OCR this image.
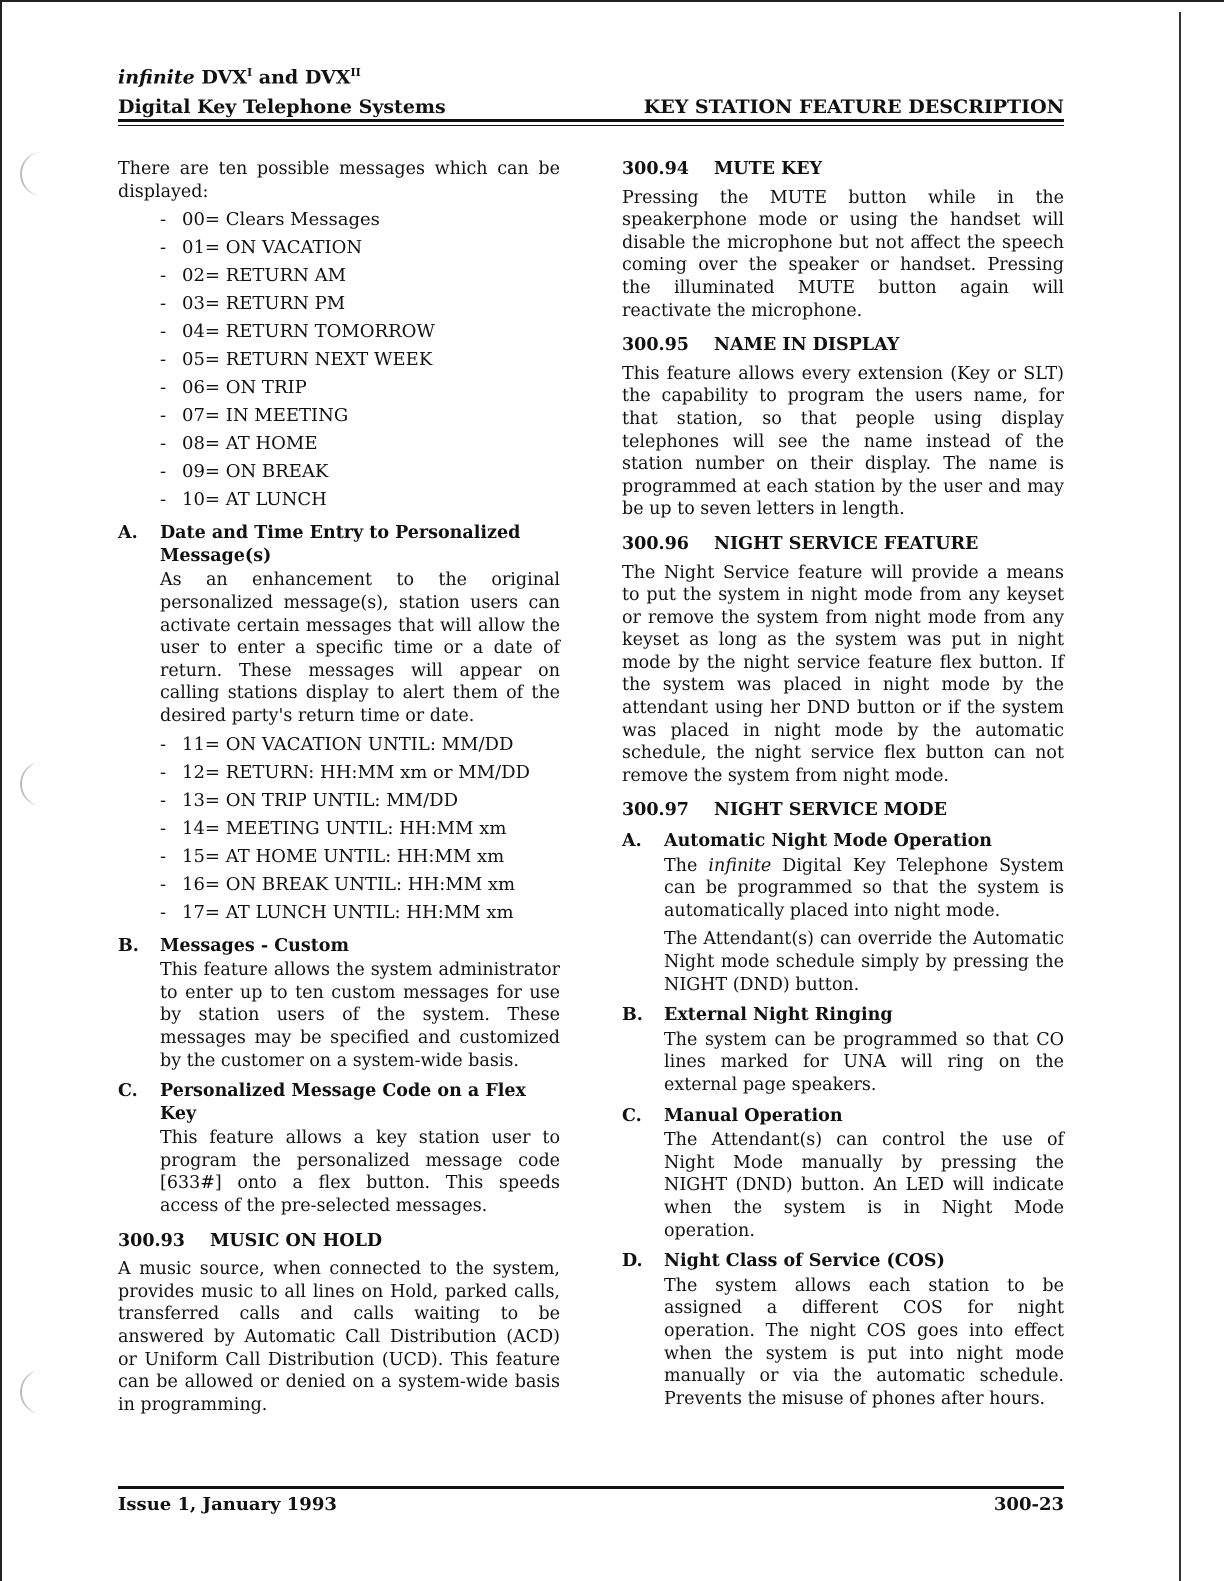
infinite $DVX^I$ and $DVX^{II}$
Digital Key Telephone Systems	KEY STATION FEATURE DESCRIPTION

There are ten possible messages which can be displayed:

- 00= Clears Messages
- 01= ON VACATION
- 02= RETURN AM
- 03= RETURN PM
- 04= RETURN TOMORROW
- 05= RETURN NEXT WEEK
- 06= ON TRIP
- 07= IN MEETING
- 08= AT HOME
- 09= ON BREAK
- 10= AT LUNCH
A. Date and Time Entry to Personalized Message(s)

As an enhancement to the original personalized message(s), station users can activate certain messages that will allow the user to enter a specific time or a date of return. These messages will appear on calling stations display to alert them of the desired party's return time or date.

- 11= ON VACATION UNTIL: MM/DD
- 12= RETURN: HH:MM xm or MM/DD
- 13= ON TRIP UNTIL: MM/DD
- 14= MEETING UNTIL: HH:MM xm
- 15= AT HOME UNTIL: HH:MM xm
- 16= ON BREAK UNTIL: HH:MM xm
- 17= AT LUNCH UNTIL: HH:MM xm
B. Messages - Custom

This feature allows the system administrator to enter up to ten custom messages for use by station users of the system. These messages may be specified and customized by the customer on a system-wide basis.

C. Personalized Message Code on a Flex Key

This feature allows a key station user to program the personalized message code [633#] onto a flex button. This speeds access of the pre-selected messages.

300.93 MUSIC ON HOLD

A music source, when connected to the system, provides music to all lines on Hold, parked calls, transferred calls and calls waiting to be answered by Automatic Call Distribution (ACD) or Uniform Call Distribution (UCD). This feature can be allowed or denied on a system-wide basis in programming.

300.94 MUTE KEY

Pressing the MUTE button while in the speakerphone mode or using the handset will disable the microphone but not affect the speech coming over the speaker or handset. Pressing the illuminated MUTE button again will reactivate the microphone.

300.95 NAME IN DISPLAY

This feature allows every extension (Key or SLT) the capability to program the users name, for that station, so that people using display telephones will see the name instead of the station number on their display. The name is programmed at each station by the user and may be up to seven letters in length.

300.96 NIGHT SERVICE FEATURE

The Night Service feature will provide a means to put the system in night mode from any keyset or remove the system from night mode from any keyset as long as the system was put in night mode by the night service feature flex button. If the system was placed in night mode by the attendant using her DND button or if the system was placed in night mode by the automatic schedule, the night service flex button can not remove the system from night mode.

300.97 NIGHT SERVICE MODE
A. Automatic Night Mode Operation

The infinite Digital Key Telephone System can be programmed so that the system is automatically placed into night mode.

The Attendant(s) can override the Automatic Night mode schedule simply by pressing the NIGHT (DND) button.

B. External Night Ringing

The system can be programmed so that CO lines marked for UNA will ring on the external page speakers.

C. Manual Operation

The Attendant(s) can control the use of Night Mode manually by pressing the NIGHT (DND) button. An LED will indicate when the system is in Night Mode operation.

D. Night Class of Service (COS)

The system allows each station to be assigned a different COS for night operation. The night COS goes into effect when the system is put into night mode manually or via the automatic schedule. Prevents the misuse of phones after hours.

Issue 1, January 1993	300-23
